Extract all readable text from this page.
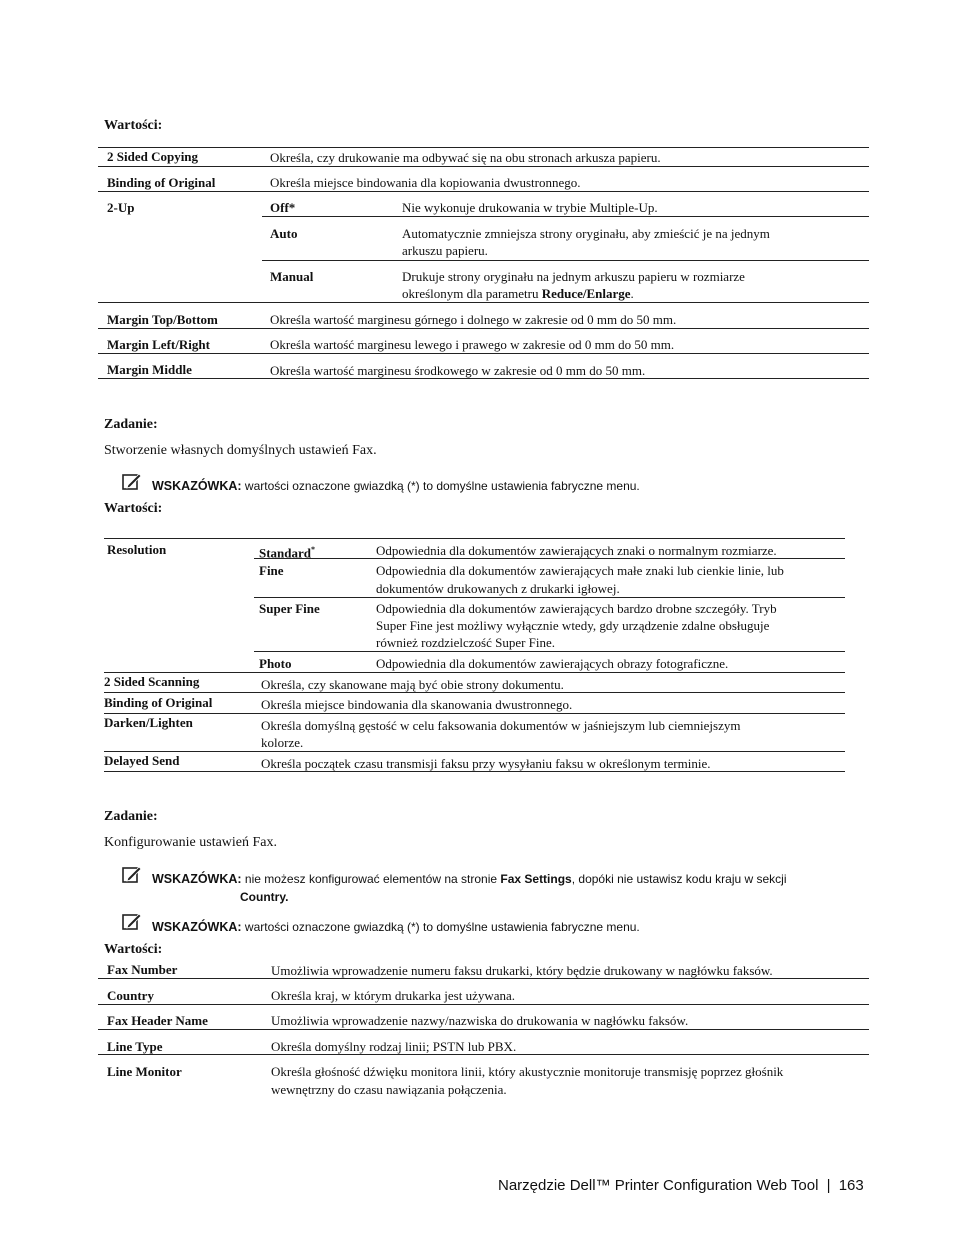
Wartości:
2 Sided Copying	Określa, czy drukowanie ma odbywać się na obu stronach arkusza papieru.
Binding of Original	Określa miejsce bindowania dla kopiowania dwustronnego.
2-Up	Off*	Nie wykonuje drukowania w trybie Multiple-Up.
Auto	Automatycznie zmniejsza strony oryginału, aby zmieścić je na jednym
arkuszu papieru.
Manual	Drukuje strony oryginału na jednym arkuszu papieru w rozmiarze
określonym dla parametru Reduce/Enlarge.
Margin Top/Bottom	Określa wartość marginesu górnego i dolnego w zakresie od 0 mm do 50 mm.
Margin Left/Right	Określa wartość marginesu lewego i prawego w zakresie od 0 mm do 50 mm.
Margin Middle	Określa wartość marginesu środkowego w zakresie od 0 mm do 50 mm.
Zadanie:
Stworzenie własnych domyślnych ustawień Fax.
WSKAZÓWKA: wartości oznaczone gwiazdką (*) to domyślne ustawienia fabryczne menu.
Wartości:
Resolution	Standard*	Odpowiednia dla dokumentów zawierających znaki o normalnym rozmiarze.
Fine	Odpowiednia dla dokumentów zawierających małe znaki lub cienkie linie, lub
dokumentów drukowanych z drukarki igłowej.
Super Fine	Odpowiednia dla dokumentów zawierających bardzo drobne szczegóły. Tryb
Super Fine jest możliwy wyłącznie wtedy, gdy urządzenie zdalne obsługuje
również rozdzielczość Super Fine.
Photo	Odpowiednia dla dokumentów zawierających obrazy fotograficzne.
2 Sided Scanning	Określa, czy skanowane mają być obie strony dokumentu.
Binding of Original	Określa miejsce bindowania dla skanowania dwustronnego.
Darken/Lighten	Określa domyślną gęstość w celu faksowania dokumentów w jaśniejszym lub ciemniejszym
kolorze.
Delayed Send	Określa początek czasu transmisji faksu przy wysyłaniu faksu w określonym terminie.
Zadanie:
Konfigurowanie ustawień Fax.
WSKAZÓWKA: nie możesz konfigurować elementów na stronie Fax Settings, dopóki nie ustawisz kodu kraju w sekcji
Country.
WSKAZÓWKA: wartości oznaczone gwiazdką (*) to domyślne ustawienia fabryczne menu.
Wartości:
Fax Number	Umożliwia wprowadzenie numeru faksu drukarki, który będzie drukowany w nagłówku faksów.
Country	Określa kraj, w którym drukarka jest używana.
Fax Header Name	Umożliwia wprowadzenie nazwy/nazwiska do drukowania w nagłówku faksów.
Line Type	Określa domyślny rodzaj linii; PSTN lub PBX.
Line Monitor	Określa głośność dźwięku monitora linii, który akustycznie monitoruje transmisję poprzez głośnik
wewnętrzny do czasu nawiązania połączenia.
Narzędzie Dell™ Printer Configuration Web Tool | 163
